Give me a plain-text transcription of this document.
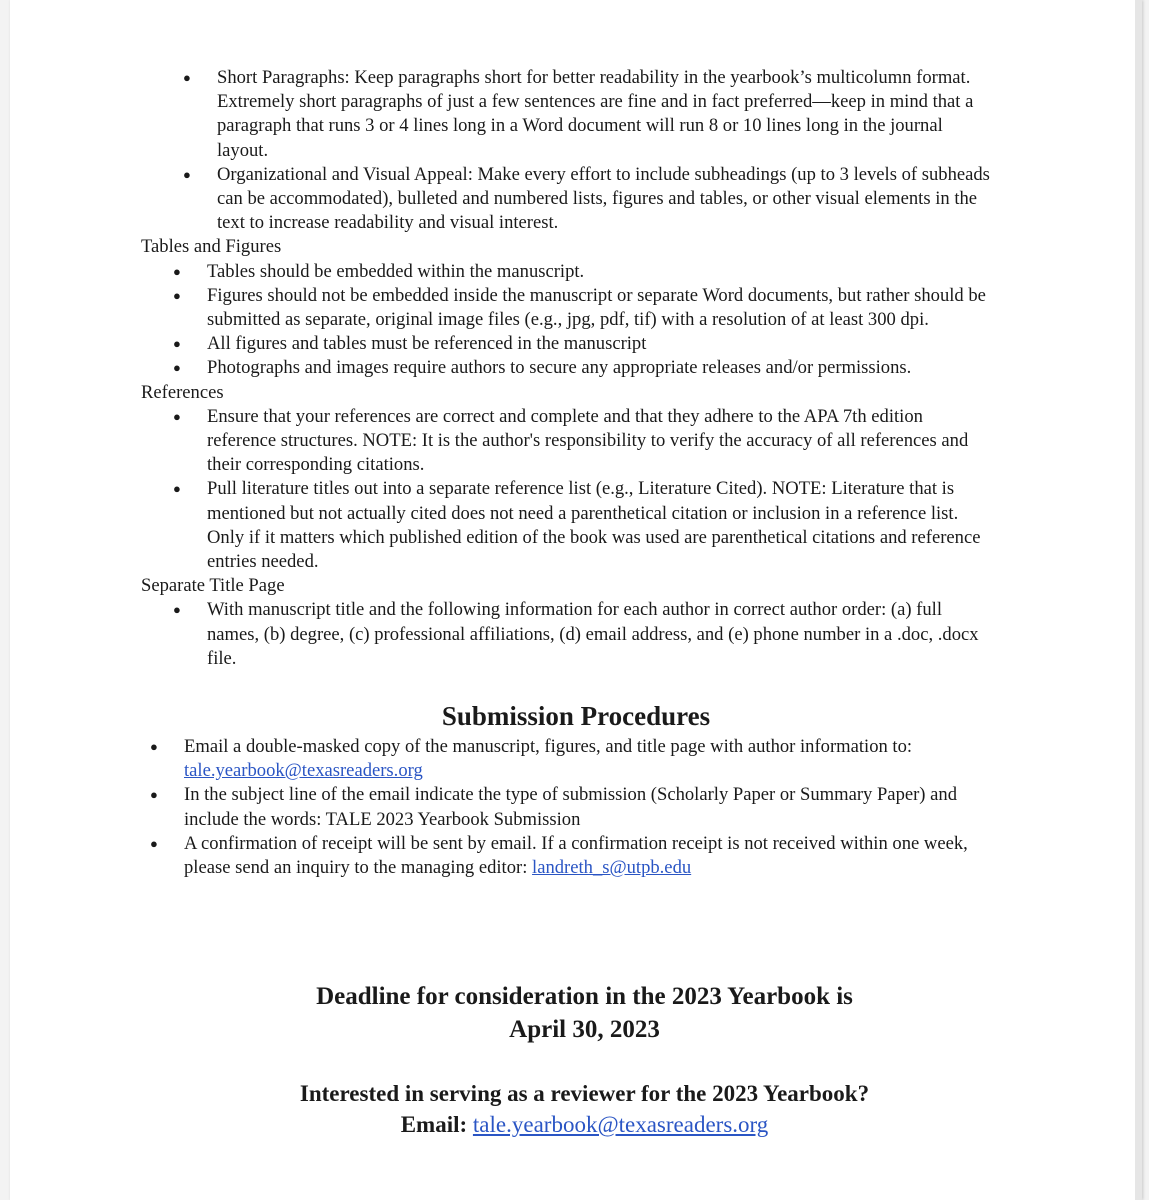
● Short Paragraphs: Keep paragraphs short for better readability in the yearbook’s multicolumn format. Extremely short paragraphs of just a few sentences are fine and in fact preferred—keep in mind that a paragraph that runs 3 or 4 lines long in a Word document will run 8 or 10 lines long in the journal layout.
● Organizational and Visual Appeal: Make every effort to include subheadings (up to 3 levels of subheads can be accommodated), bulleted and numbered lists, figures and tables, or other visual elements in the text to increase readability and visual interest.
Tables and Figures
● Tables should be embedded within the manuscript.
● Figures should not be embedded inside the manuscript or separate Word documents, but rather should be submitted as separate, original image files (e.g., jpg, pdf, tif) with a resolution of at least 300 dpi.
● All figures and tables must be referenced in the manuscript
● Photographs and images require authors to secure any appropriate releases and/or permissions.
References
● Ensure that your references are correct and complete and that they adhere to the APA 7th edition reference structures. NOTE: It is the author's responsibility to verify the accuracy of all references and their corresponding citations.
● Pull literature titles out into a separate reference list (e.g., Literature Cited). NOTE: Literature that is mentioned but not actually cited does not need a parenthetical citation or inclusion in a reference list. Only if it matters which published edition of the book was used are parenthetical citations and reference entries needed.
Separate Title Page
● With manuscript title and the following information for each author in correct author order: (a) full names, (b) degree, (c) professional affiliations, (d) email address, and (e) phone number in a .doc, .docx file.
Submission Procedures
● Email a double-masked copy of the manuscript, figures, and title page with author information to: tale.yearbook@texasreaders.org
● In the subject line of the email indicate the type of submission (Scholarly Paper or Summary Paper) and include the words: TALE 2023 Yearbook Submission
● A confirmation of receipt will be sent by email. If a confirmation receipt is not received within one week, please send an inquiry to the managing editor: landreth_s@utpb.edu
Deadline for consideration in the 2023 Yearbook is
April 30, 2023
Interested in serving as a reviewer for the 2023 Yearbook?
Email: tale.yearbook@texasreaders.org
